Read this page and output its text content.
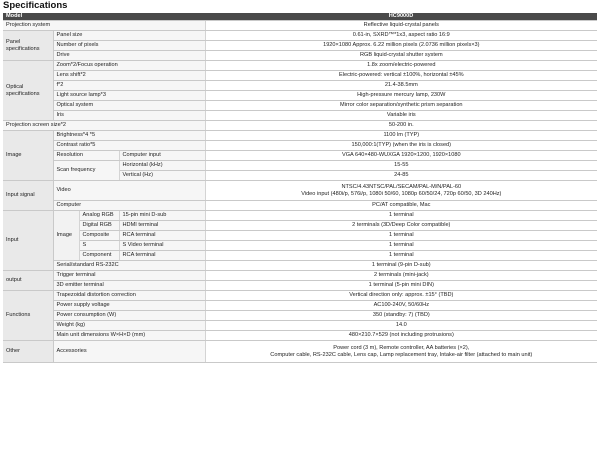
Specifications
Model				HC9000D
Projection system				Reflective liquid-crystal panels
Panel specifications	Panel size			0.61-in, SXRD™*1x3, aspect ratio 16:9
	Number of pixels			1920×1080 Approx. 6.22 million pixels (2.0736 million pixels×3)
	Drive			RGB liquid-crystal shutter system
Optical specifications	Zoom*2/Focus operation			1.8x zoom/electric-powered
	Lens shift*2			Electric-powered: vertical ±100%, horizontal ±45%
	f*2			21.4-38.5mm
	Light source lamp*3			High-pressure mercury lamp, 230W
	Optical system			Mirror color separation/synthetic prism separation
	Iris			Variable iris
Projection screen size*2				50-200 in.
Image	Brightness*4 *5			1100 lm (TYP)
	Contrast ratio*5			150,000:1(TYP) (when the iris is closed)
	Resolution		Computer input	VGA 640×480-WUXGA 1920×1200, 1920×1080
	Scan frequency		Horizontal (kHz)	15-55
			Vertical (Hz)	24-85
Input signal	Video			NTSC/4.43NTSC/PAL/SECAM/PAL-M/N/PAL-60
Video input (480i/p, 576i/p, 1080i 50/60, 1080p 60/50/24, 720p 60/50, 3D 240Hz)

	Computer			PC/AT compatible, Mac
Input	Image	Analog RGB	15-pin mini D-sub	1 terminal
		Digital RGB	HDMI terminal	2 terminals (3D/Deep Color compatible)
		Composite	RCA terminal	1 terminal
		S	S Video terminal	1 terminal
		Component	RCA terminal	1 terminal
	Serial/standard RS-232C			1 terminal (9-pin D-sub)
output	Trigger terminal			2 terminals (mini-jack)
	3D emitter terminal			1 terminal (5-pin mini DIN)
Functions	Trapezoidal distortion correction			Vertical direction only: approx. ±15° (TBD)
	Power supply voltage			AC100-240V, 50/60Hz
	Power consumption (W)			350 (standby: 7) (TBD)
	Weight (kg)			14.0
	Main unit dimensions W×H×D (mm)			480×210.7×529 (not including protrusions)
Other	Accessories			Power cord (3 m), Remote controller, AA batteries (×2),
Computer cable, RS-232C cable, Lens cap, Lamp replacement tray, Intake-air filter (attached to main unit)
